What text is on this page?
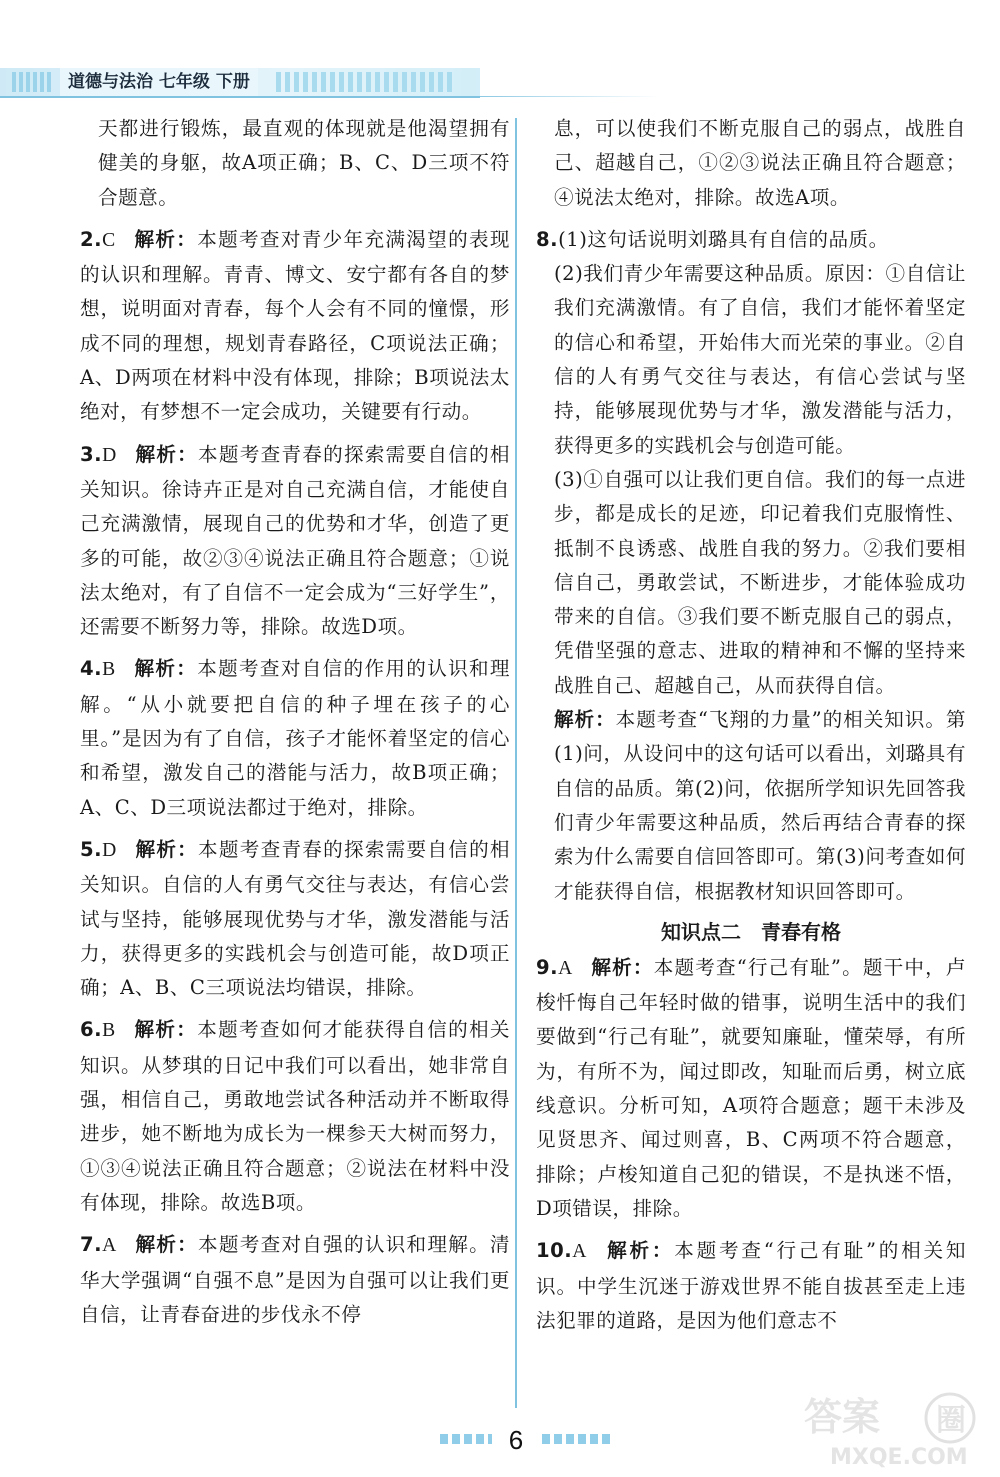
道德与法治 七年级 下册

天都进行锻炼，最直观的体现就是他渴望拥有健美的身躯，故A项正确；B、C、D三项不符合题意。

2.C 解析：本题考查对青少年充满渴望的表现的认识和理解。青青、博文、安宁都有各自的梦想，说明面对青春，每个人会有不同的憧憬，形成不同的理想，规划青春路径，C项说法正确；A、D两项在材料中没有体现，排除；B项说法太绝对，有梦想不一定会成功，关键要有行动。

3.D 解析：本题考查青春的探索需要自信的相关知识。徐诗卉正是对自己充满自信，才能使自己充满激情，展现自己的优势和才华，创造了更多的可能，故②③④说法正确且符合题意；①说法太绝对，有了自信不一定会成为“三好学生”，还需要不断努力等，排除。故选D项。

4.B 解析：本题考查对自信的作用的认识和理解。“从小就要把自信的种子埋在孩子的心里。”是因为有了自信，孩子才能怀着坚定的信心和希望，激发自己的潜能与活力，故B项正确；A、C、D三项说法都过于绝对，排除。

5.D 解析：本题考查青春的探索需要自信的相关知识。自信的人有勇气交往与表达，有信心尝试与坚持，能够展现优势与才华，激发潜能与活力，获得更多的实践机会与创造可能，故D项正确；A、B、C三项说法均错误，排除。

6.B 解析：本题考查如何才能获得自信的相关知识。从梦琪的日记中我们可以看出，她非常自强，相信自己，勇敢地尝试各种活动并不断取得进步，她不断地为成长为一棵参天大树而努力，①③④说法正确且符合题意；②说法在材料中没有体现，排除。故选B项。

7.A 解析：本题考查对自强的认识和理解。清华大学强调“自强不息”是因为自强可以让我们更自信，让青春奋进的步伐永不停

息，可以使我们不断克服自己的弱点，战胜自己、超越自己，①②③说法正确且符合题意；④说法太绝对，排除。故选A项。

8.(1)这句话说明刘璐具有自信的品质。

(2)我们青少年需要这种品质。原因：①自信让我们充满激情。有了自信，我们才能怀着坚定的信心和希望，开始伟大而光荣的事业。②自信的人有勇气交往与表达，有信心尝试与坚持，能够展现优势与才华，激发潜能与活力，获得更多的实践机会与创造可能。

(3)①自强可以让我们更自信。我们的每一点进步，都是成长的足迹，印记着我们克服惰性、抵制不良诱惑、战胜自我的努力。②我们要相信自己，勇敢尝试，不断进步，才能体验成功带来的自信。③我们要不断克服自己的弱点，凭借坚强的意志、进取的精神和不懈的坚持来战胜自己、超越自己，从而获得自信。

解析：本题考查“飞翔的力量”的相关知识。第(1)问，从设问中的这句话可以看出，刘璐具有自信的品质。第(2)问，依据所学知识先回答我们青少年需要这种品质，然后再结合青春的探索为什么需要自信回答即可。第(3)问考查如何才能获得自信，根据教材知识回答即可。

知识点二　青春有格

9.A 解析：本题考查“行己有耻”。题干中，卢梭忏悔自己年轻时做的错事，说明生活中的我们要做到“行己有耻”，就要知廉耻，懂荣辱，有所为，有所不为，闻过即改，知耻而后勇，树立底线意识。分析可知，A项符合题意；题干未涉及见贤思齐、闻过则喜，B、C两项不符合题意，排除；卢梭知道自己犯的错误，不是执迷不悟，D项错误，排除。

10.A 解析：本题考查“行己有耻”的相关知识。中学生沉迷于游戏世界不能自拔甚至走上违法犯罪的道路，是因为他们意志不

6
答案 圈
MXQE.COM
